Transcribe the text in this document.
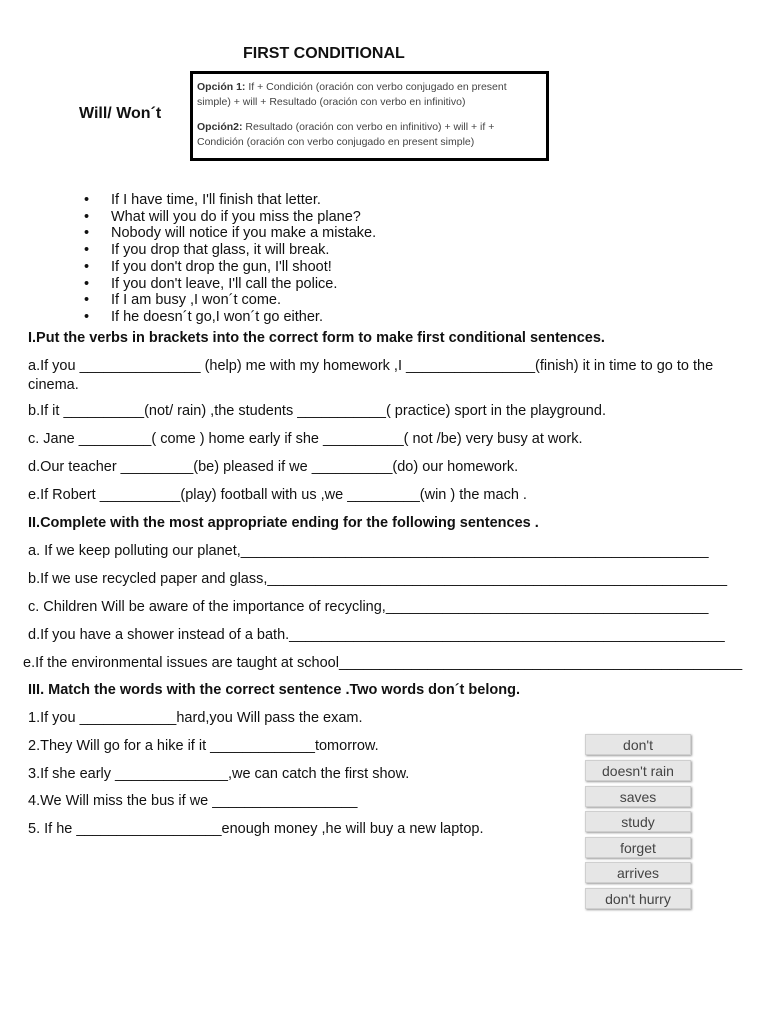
FIRST CONDITIONAL
Will/ Won´t

Opción 1: If + Condición (oración con verbo conjugado en present simple) + will + Resultado (oración con verbo en infinitivo)

Opción2: Resultado (oración con verbo en infinitivo) + will + if + Condición (oración con verbo conjugado en present simple)

• If I have time, I'll finish that letter.
• What will you do if you miss the plane?
• Nobody will notice if you make a mistake.
• If you drop that glass, it will break.
• If you don't drop the gun, I'll shoot!
• If you don't leave, I'll call the police.
• If I am busy ,I won´t come.
• If he doesn´t go,I won´t go either.
I.Put the verbs in brackets into the correct form to make first conditional sentences.
a.If you _______________ (help) me with my homework ,I ________________(finish) it in time to go to the cinema.
b.If it __________(not/ rain) ,the students ___________( practice) sport in the playground.
c. Jane _________( come ) home early if she __________( not /be) very busy at work.
d.Our teacher _________(be) pleased if we __________(do) our homework.
e.If Robert __________(play) football with us ,we _________(win ) the mach .
II.Complete with the most appropriate ending for the following sentences .
a. If we keep polluting our planet,__________________________________________________________
b.If we use recycled paper and glass,_________________________________________________________
c. Children Will be aware of the importance of recycling,________________________________________
d.If you have a shower instead of a bath.______________________________________________________
e.If the environmental issues are taught at school__________________________________________________
III. Match the words with the correct sentence .Two words don´t belong.
1.If you ____________hard,you Will pass the exam.
2.They Will go for a hike if it _____________tomorrow.
3.If she early ______________,we can catch the first show.
4.We Will miss the bus if we __________________
5. If he __________________enough money ,he will buy a new laptop.
don't
doesn't rain
saves
study
forget
arrives
don't hurry
